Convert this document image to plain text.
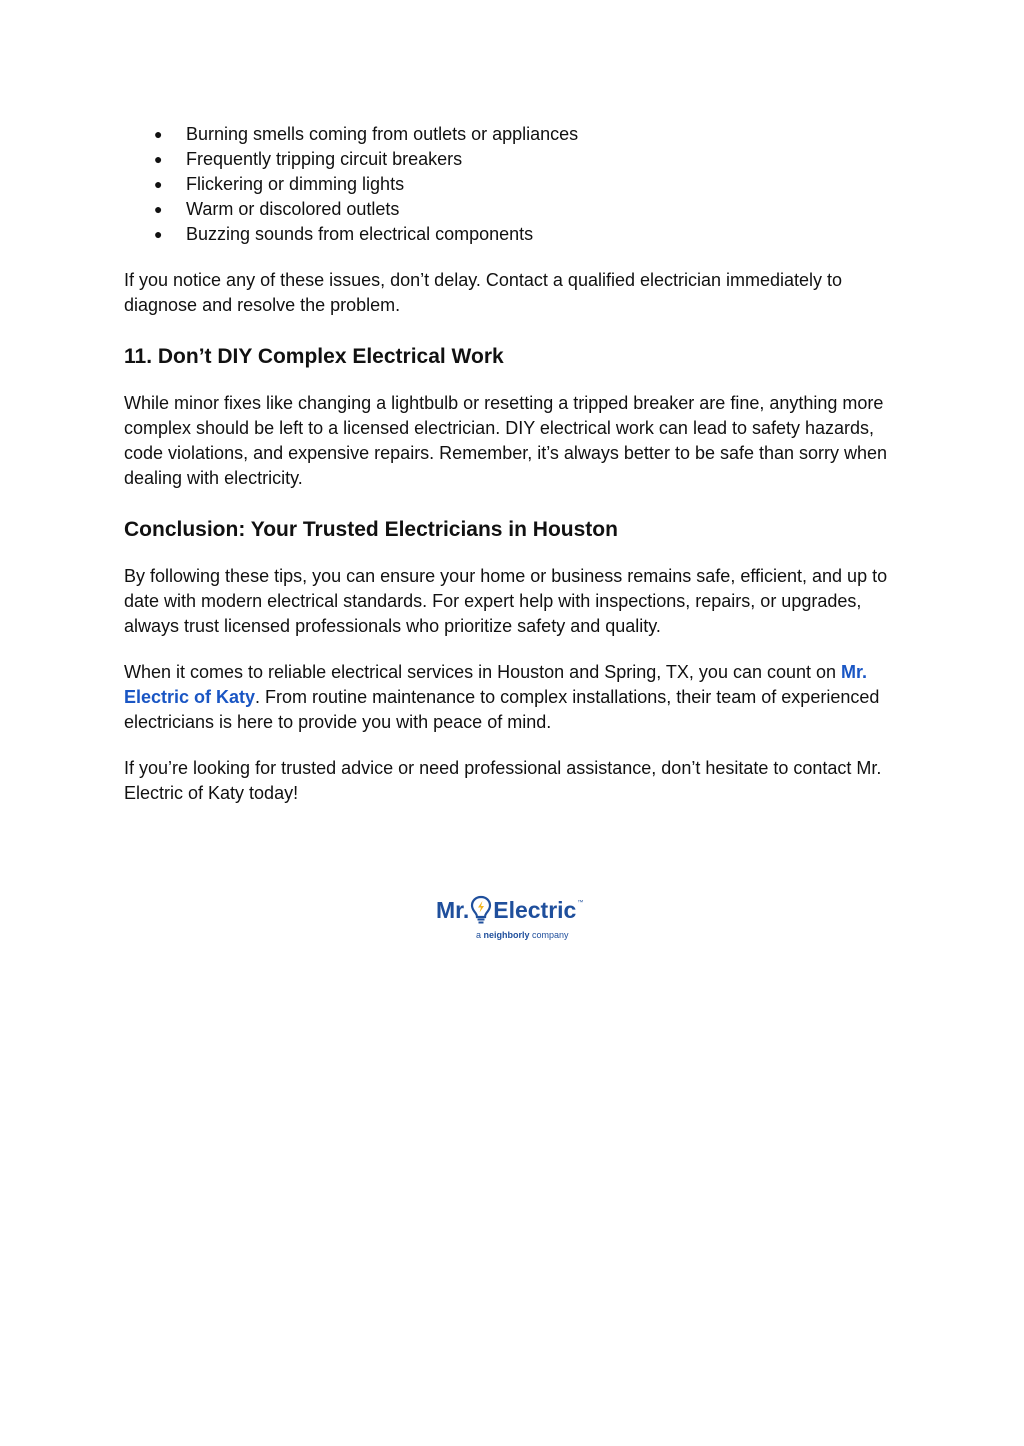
● Burning smells coming from outlets or appliances
● Frequently tripping circuit breakers
● Flickering or dimming lights
● Warm or discolored outlets
● Buzzing sounds from electrical components

If you notice any of these issues, don’t delay. Contact a qualified electrician immediately to diagnose and resolve the problem.

11. Don’t DIY Complex Electrical Work

While minor fixes like changing a lightbulb or resetting a tripped breaker are fine, anything more complex should be left to a licensed electrician. DIY electrical work can lead to safety hazards, code violations, and expensive repairs. Remember, it’s always better to be safe than sorry when dealing with electricity.

Conclusion: Your Trusted Electricians in Houston

By following these tips, you can ensure your home or business remains safe, efficient, and up to date with modern electrical standards. For expert help with inspections, repairs, or upgrades, always trust licensed professionals who prioritize safety and quality.

When it comes to reliable electrical services in Houston and Spring, TX, you can count on Mr. Electric of Katy. From routine maintenance to complex installations, their team of experienced electricians is here to provide you with peace of mind.

If you’re looking for trusted advice or need professional assistance, don’t hesitate to contact Mr. Electric of Katy today!

Mr. Electric ™
a neighborly company
